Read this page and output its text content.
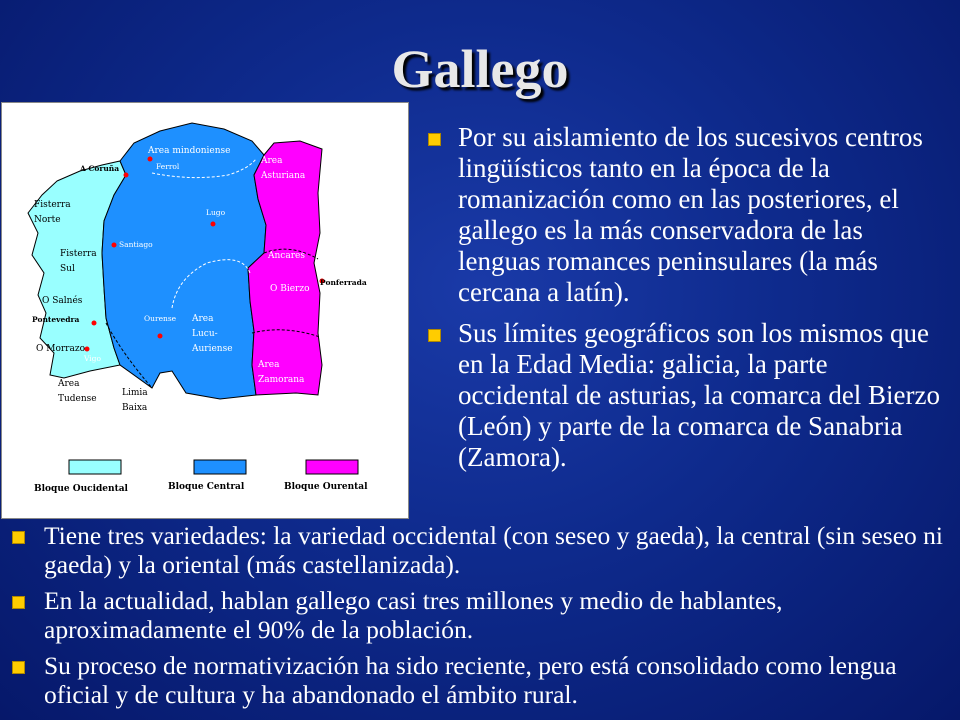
Gallego
Area mindoniense
Ferrol
Area
Asturiana
Lugo
Santiago
Ancares
O Bierzo
Ourense Area
Lucu-
Auriense
Area
Zamorana
Vigo
A Coruña
Fisterra
Norte
Fisterra
Sul
Ponferrada
O Salnés
Pontevedra
O Morrazo
Area
Tudense
Limia
Baixa
Bloque Oucidental	Bloque Central	Bloque Ourental
Por su aislamiento de los sucesivos centros lingüísticos tanto en la época de la romanización como en las posteriores, el gallego es la más conservadora de las lenguas romances peninsulares (la más cercana a latín).
Sus límites geográficos son los mismos que en la Edad Media: galicia, la parte occidental de asturias, la comarca del Bierzo (León) y parte de la comarca de Sanabria (Zamora).
Tiene tres variedades: la variedad occidental (con seseo y gaeda), la central (sin seseo ni gaeda) y la oriental (más castellanizada).
En la actualidad, hablan gallego casi tres millones y medio de hablantes, aproximadamente el 90% de la población.
Su proceso de normativización ha sido reciente, pero está consolidado como lengua oficial y de cultura y ha abandonado el ámbito rural.
